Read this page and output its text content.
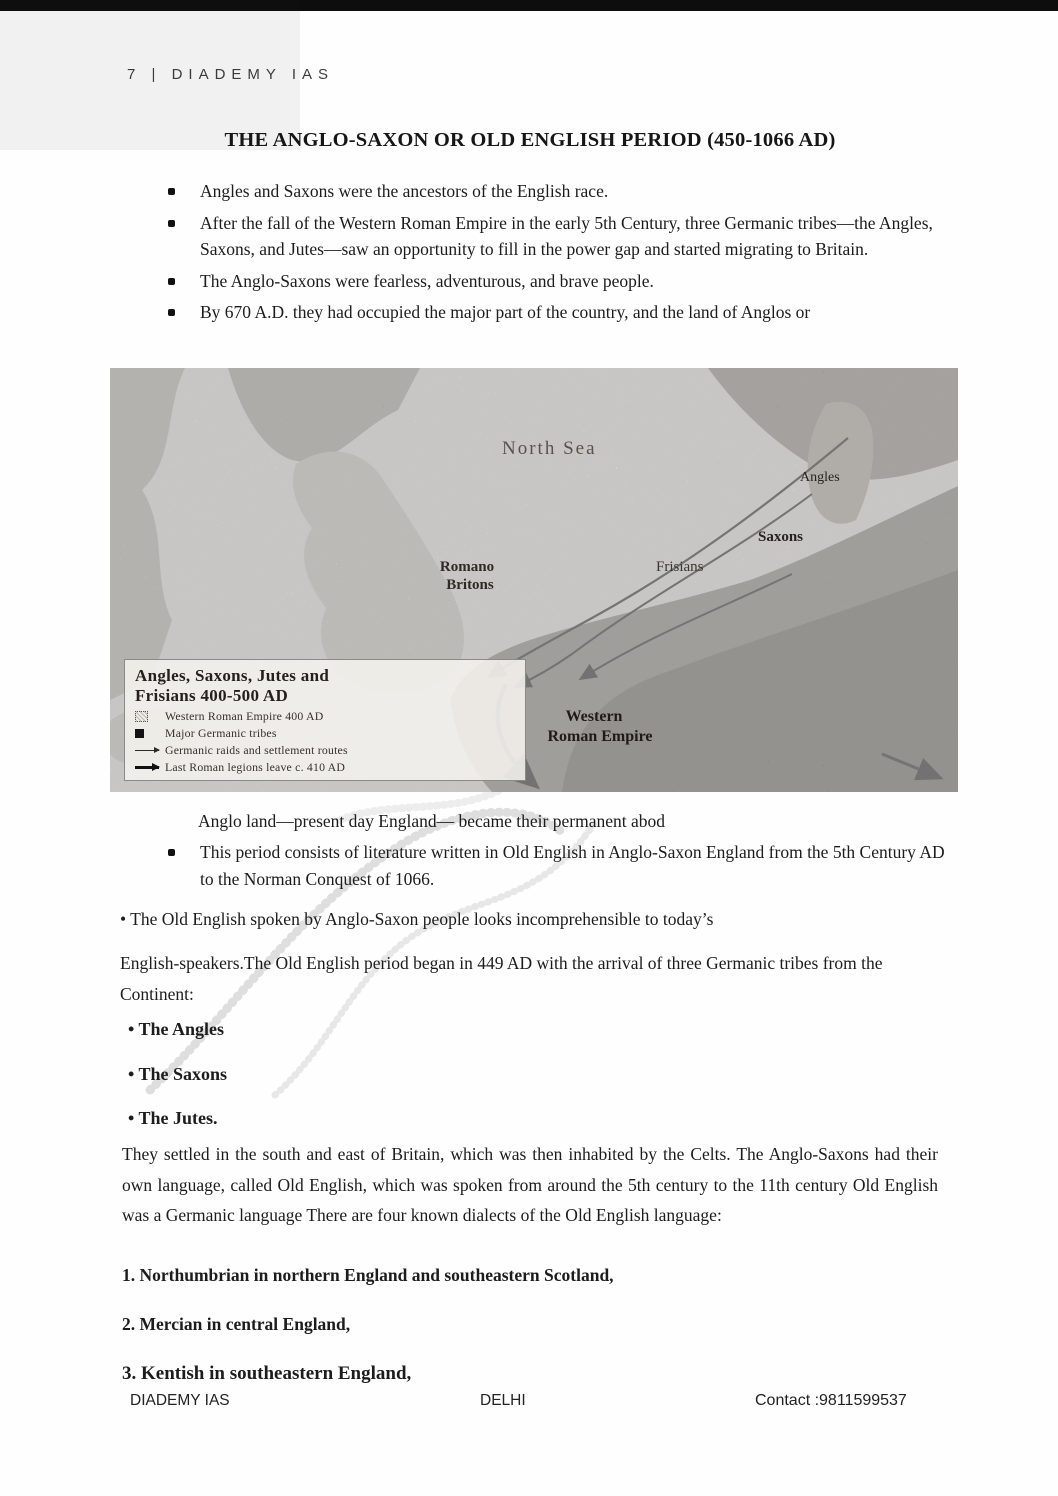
7 | DIADEMY IAS
THE ANGLO-SAXON OR OLD ENGLISH PERIOD (450-1066 AD)
Angles and Saxons were the ancestors of the English race.
After the fall of the Western Roman Empire in the early 5th Century, three Germanic tribes—the Angles, Saxons, and Jutes—saw an opportunity to fill in the power gap and started migrating to Britain.
The Anglo-Saxons were fearless, adventurous, and brave people.
By 670 A.D. they had occupied the major part of the country, and the land of Anglos or
North Sea
Romano
Britons
Frisians
Saxons
Angles
Western
Roman Empire
Angles, Saxons, Jutes and
Frisians 400-500 AD
Western Roman Empire 400 AD
Major Germanic tribes
Germanic raids and settlement routes
Last Roman legions leave c. 410 AD
Anglo land—present day England— became their permanent abod
This period consists of literature written in Old English in Anglo-Saxon England from the 5th Century AD to the Norman Conquest of 1066.
• The Old English spoken by Anglo-Saxon people looks incomprehensible to today’s
English-speakers.The Old English period began in 449 AD with the arrival of three Germanic tribes from the Continent:
• The Angles
• The Saxons
• The Jutes.
They settled in the south and east of Britain, which was then inhabited by the Celts. The Anglo-Saxons had their own language, called Old English, which was spoken from around the 5th century to the 11th century Old English was a Germanic language There are four known dialects of the Old English language:
1. Northumbrian in northern England and southeastern Scotland,
2. Mercian in central England,
3. Kentish in southeastern England,
DIADEMY IAS	DELHI	Contact :9811599537
